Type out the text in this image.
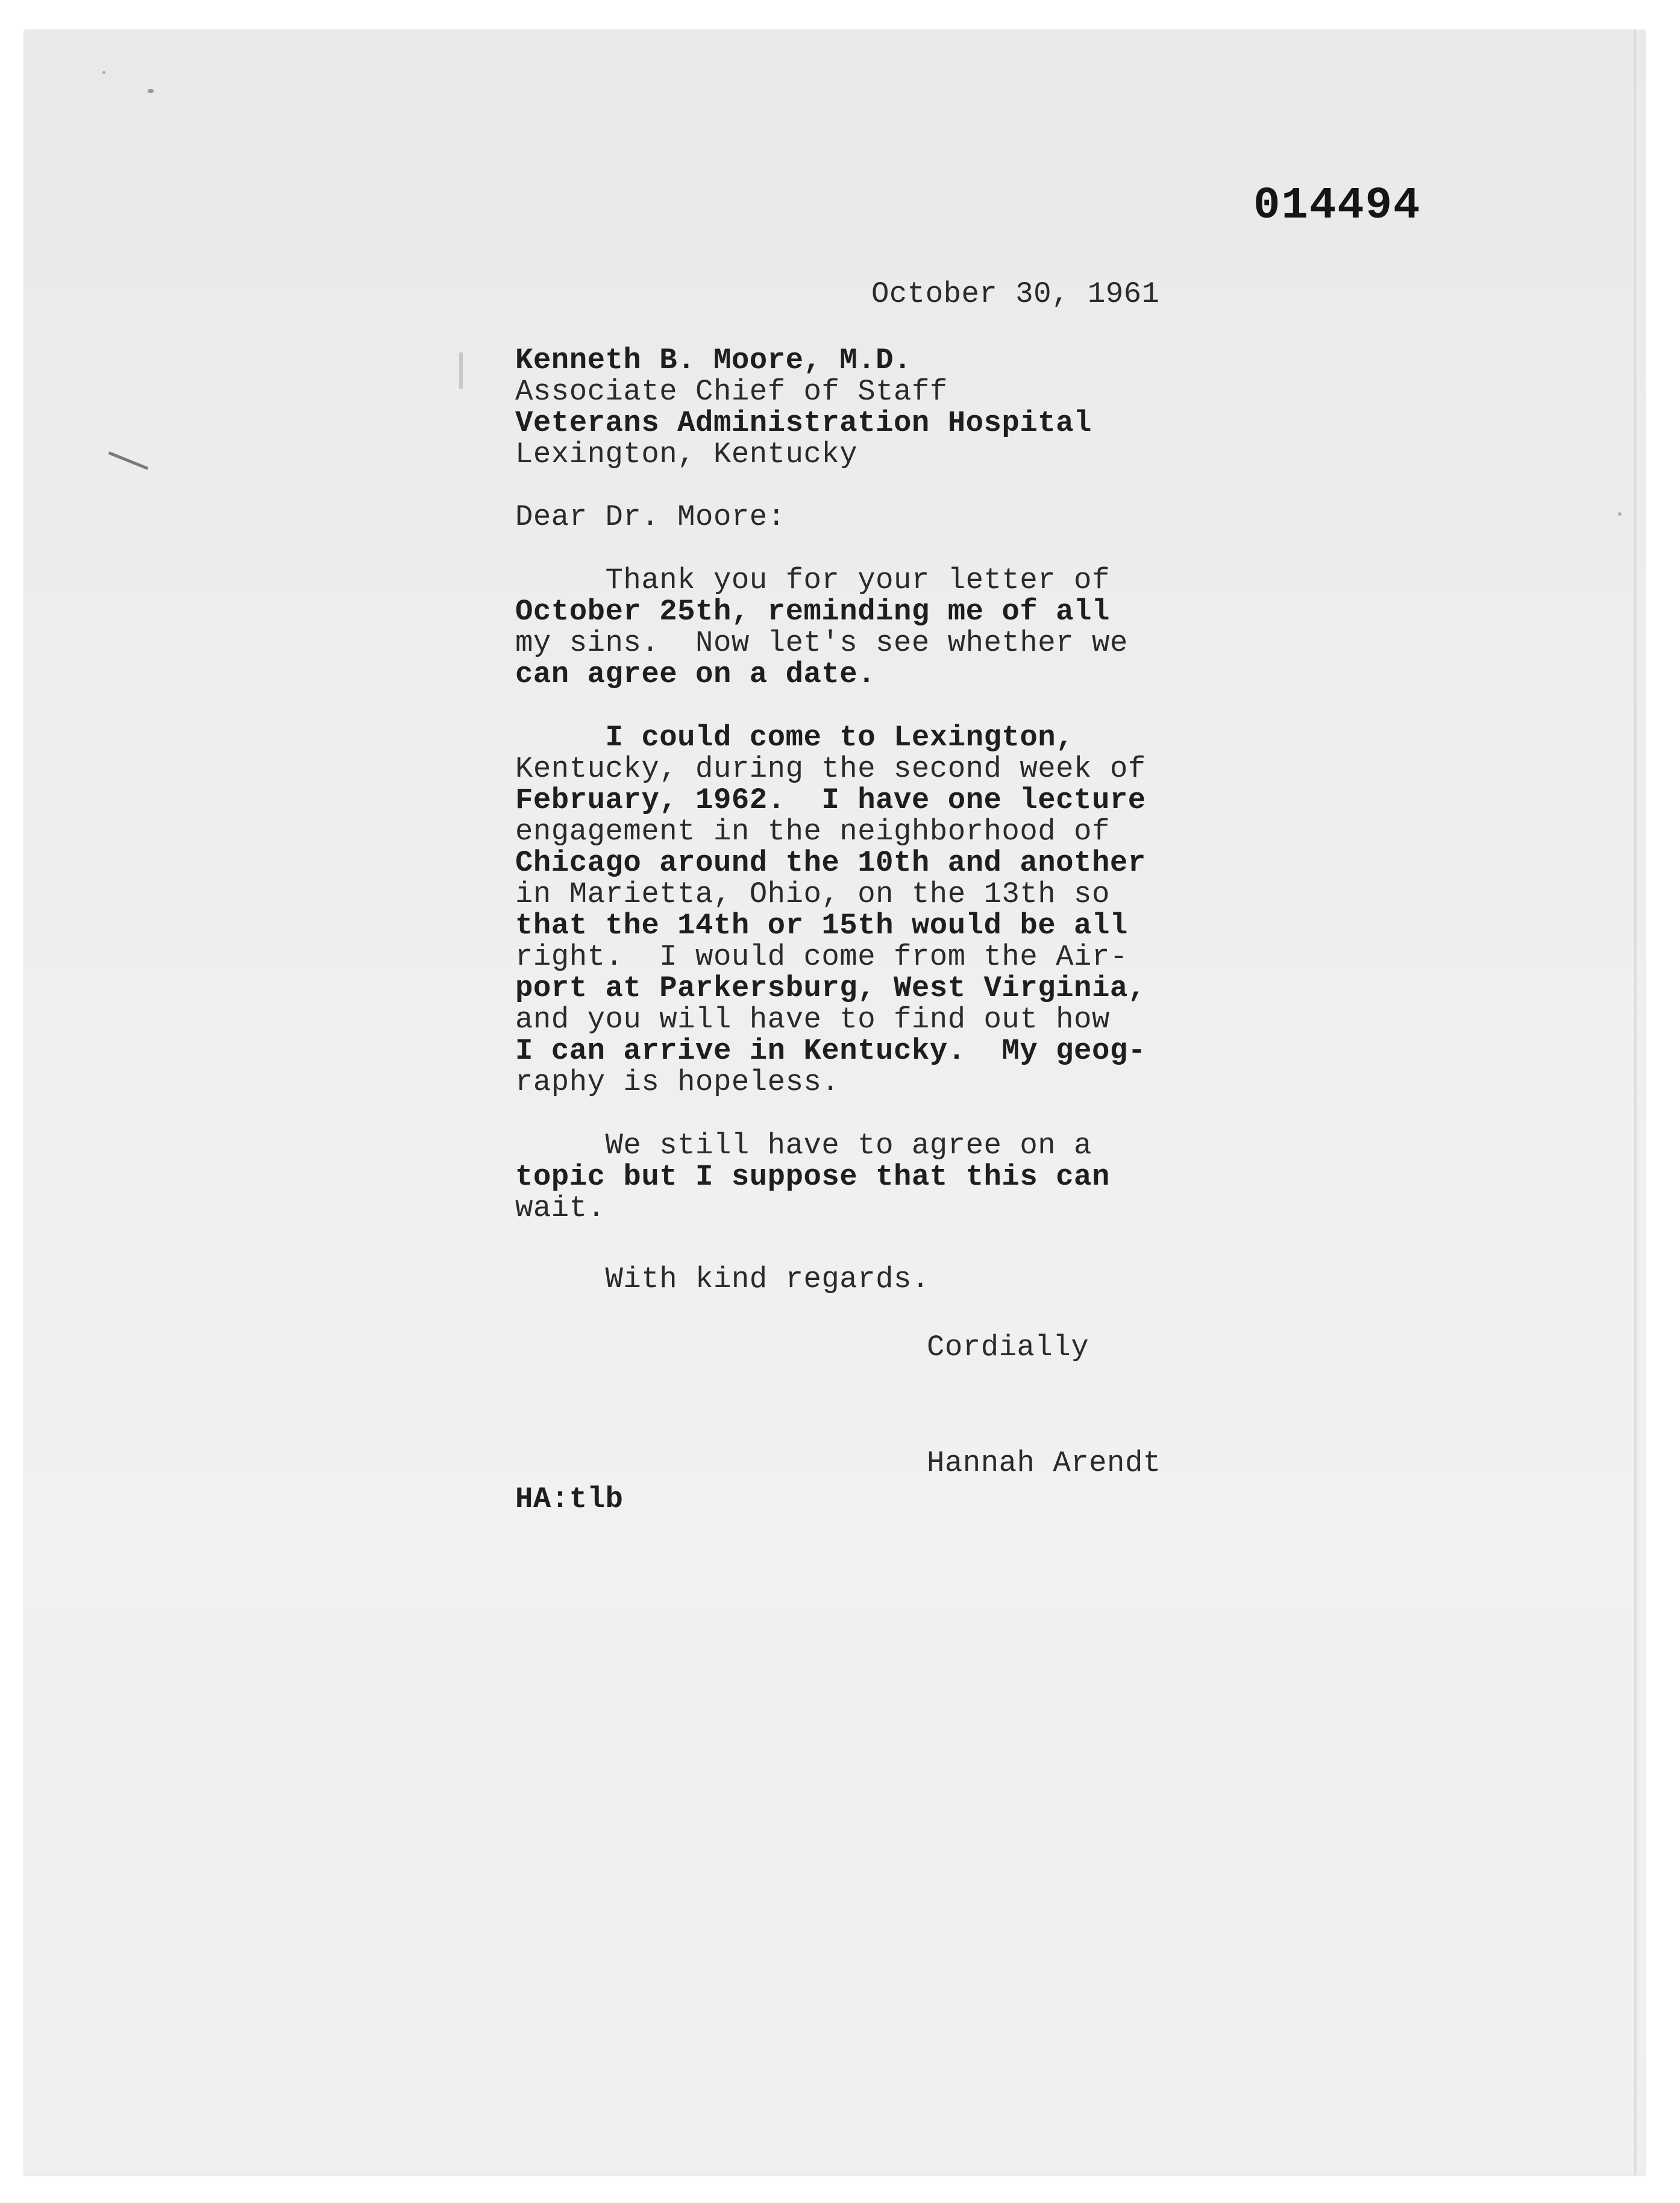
014494
October 30, 1961
Kenneth B. Moore, M.D.
Associate Chief of Staff
Veterans Administration Hospital
Lexington, Kentucky
Dear Dr. Moore:
Thank you for your letter of
October 25th, reminding me of all
my sins.  Now let's see whether we
can agree on a date.
I could come to Lexington,
Kentucky, during the second week of
February, 1962.  I have one lecture
engagement in the neighborhood of
Chicago around the 10th and another
in Marietta, Ohio, on the 13th so
that the 14th or 15th would be all
right.  I would come from the Air-
port at Parkersburg, West Virginia,
and you will have to find out how
I can arrive in Kentucky.  My geog-
raphy is hopeless.
We still have to agree on a
topic but I suppose that this can
wait.
With kind regards.
Cordially
Hannah Arendt
HA:tlb
